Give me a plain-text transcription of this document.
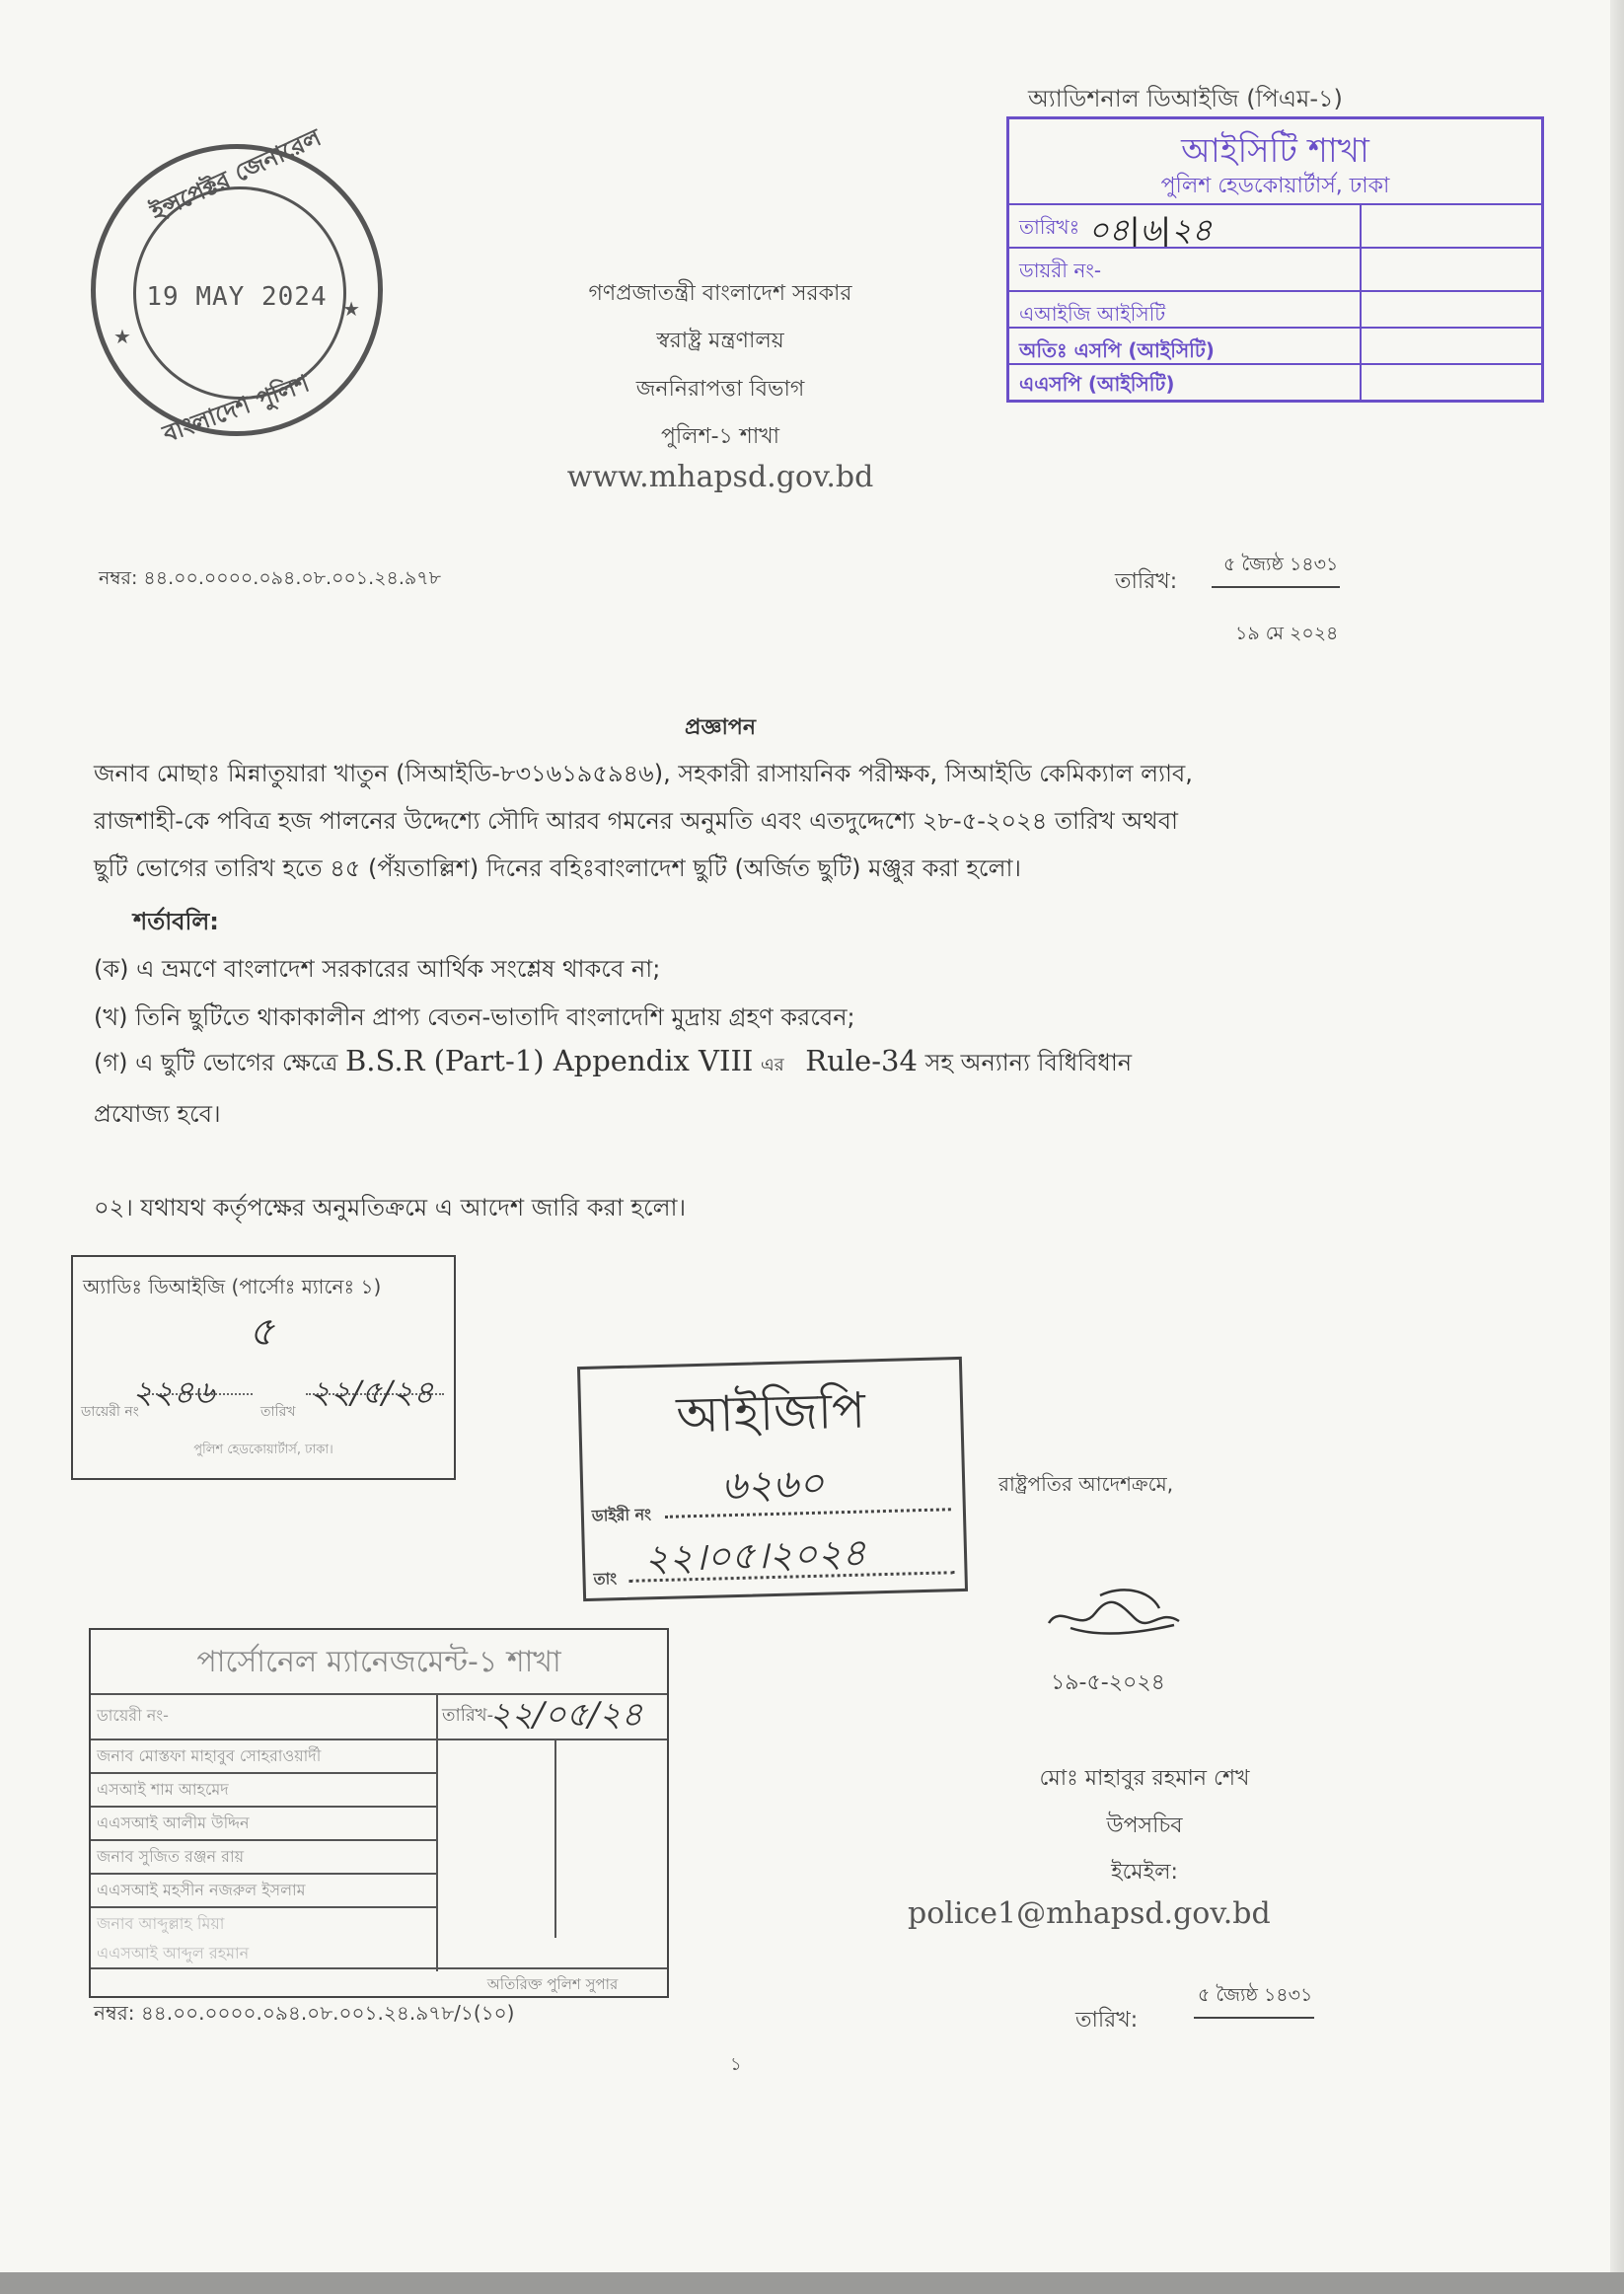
ইন্সপেক্টর জেনারেল
19 MAY 2024
বাংলাদেশ পুলিশ
★
★
গণপ্রজাতন্ত্রী বাংলাদেশ সরকার
স্বরাষ্ট্র মন্ত্রণালয়
জননিরাপত্তা বিভাগ
পুলিশ-১ শাখা
www.mhapsd.gov.bd
অ্যাডিশনাল ডিআইজি (পিএম-১)
আইসিটি শাখা
পুলিশ হেডকোয়ার্টার্স, ঢাকা
তারিখঃ ০৪|৬|২৪
ডায়রী নং-
এআইজি আইসিটি
অতিঃ এসপি (আইসিটি)
এএসপি (আইসিটি)
নম্বর: ৪৪.০০.০০০০.০৯৪.০৮.০০১.২৪.৯৭৮	তারিখ:
৫ জ্যৈষ্ঠ ১৪৩১
১৯ মে ২০২৪
প্রজ্ঞাপন
জনাব মোছাঃ মিন্নাতুয়ারা খাতুন (সিআইডি-৮৩১৬১৯৫৯৪৬), সহকারী রাসায়নিক পরীক্ষক, সিআইডি কেমিক্যাল ল্যাব,
রাজশাহী-কে পবিত্র হজ পালনের উদ্দেশ্যে সৌদি আরব গমনের অনুমতি এবং এতদুদ্দেশ্যে ২৮-৫-২০২৪ তারিখ অথবা
ছুটি ভোগের তারিখ হতে ৪৫ (পঁয়তাল্লিশ) দিনের বহিঃবাংলাদেশ ছুটি (অর্জিত ছুটি) মঞ্জুর করা হলো।
শর্তাবলি:
(ক) এ ভ্রমণে বাংলাদেশ সরকারের আর্থিক সংশ্লেষ থাকবে না;
(খ) তিনি ছুটিতে থাকাকালীন প্রাপ্য বেতন-ভাতাদি বাংলাদেশি মুদ্রায় গ্রহণ করবেন;
(গ) এ ছুটি ভোগের ক্ষেত্রে B.S.R (Part-1) Appendix VIII এর Rule-34 সহ অন্যান্য বিধিবিধান
প্রযোজ্য হবে।
০২। যথাযথ কর্তৃপক্ষের অনুমতিক্রমে এ আদেশ জারি করা হলো।
অ্যাডিঃ ডিআইজি (পার্সোঃ ম্যানেঃ ১)
৫
ডায়েরী নং
২২৪৬
তারিখ
২২/৫/২৪
পুলিশ হেডকোয়ার্টার্স, ঢাকা।
আইজিপি
ডাইরী নং
৬২৬০
তাং ২২।০৫।২০২৪
রাষ্ট্রপতির আদেশক্রমে,
১৯-৫-২০২৪
মোঃ মাহাবুর রহমান শেখ
উপসচিব
ইমেইল:
police1@mhapsd.gov.bd
পার্সোনেল ম্যানেজমেন্ট-১ শাখা
ডায়েরী নং-	তারিখ-
২২/০৫/২৪
জনাব মোস্তফা মাহাবুব সোহরাওয়ার্দী
এসআই শাম আহমেদ
এএসআই আলীম উদ্দিন
জনাব সুজিত রঞ্জন রায়
এএসআই মহসীন নজরুল ইসলাম
জনাব আব্দুল্লাহ মিয়া
এএসআই আব্দুল রহমান
অতিরিক্ত পুলিশ সুপার
নম্বর: ৪৪.০০.০০০০.০৯৪.০৮.০০১.২৪.৯৭৮/১(১০)	তারিখ:
৫ জ্যৈষ্ঠ ১৪৩১
১
